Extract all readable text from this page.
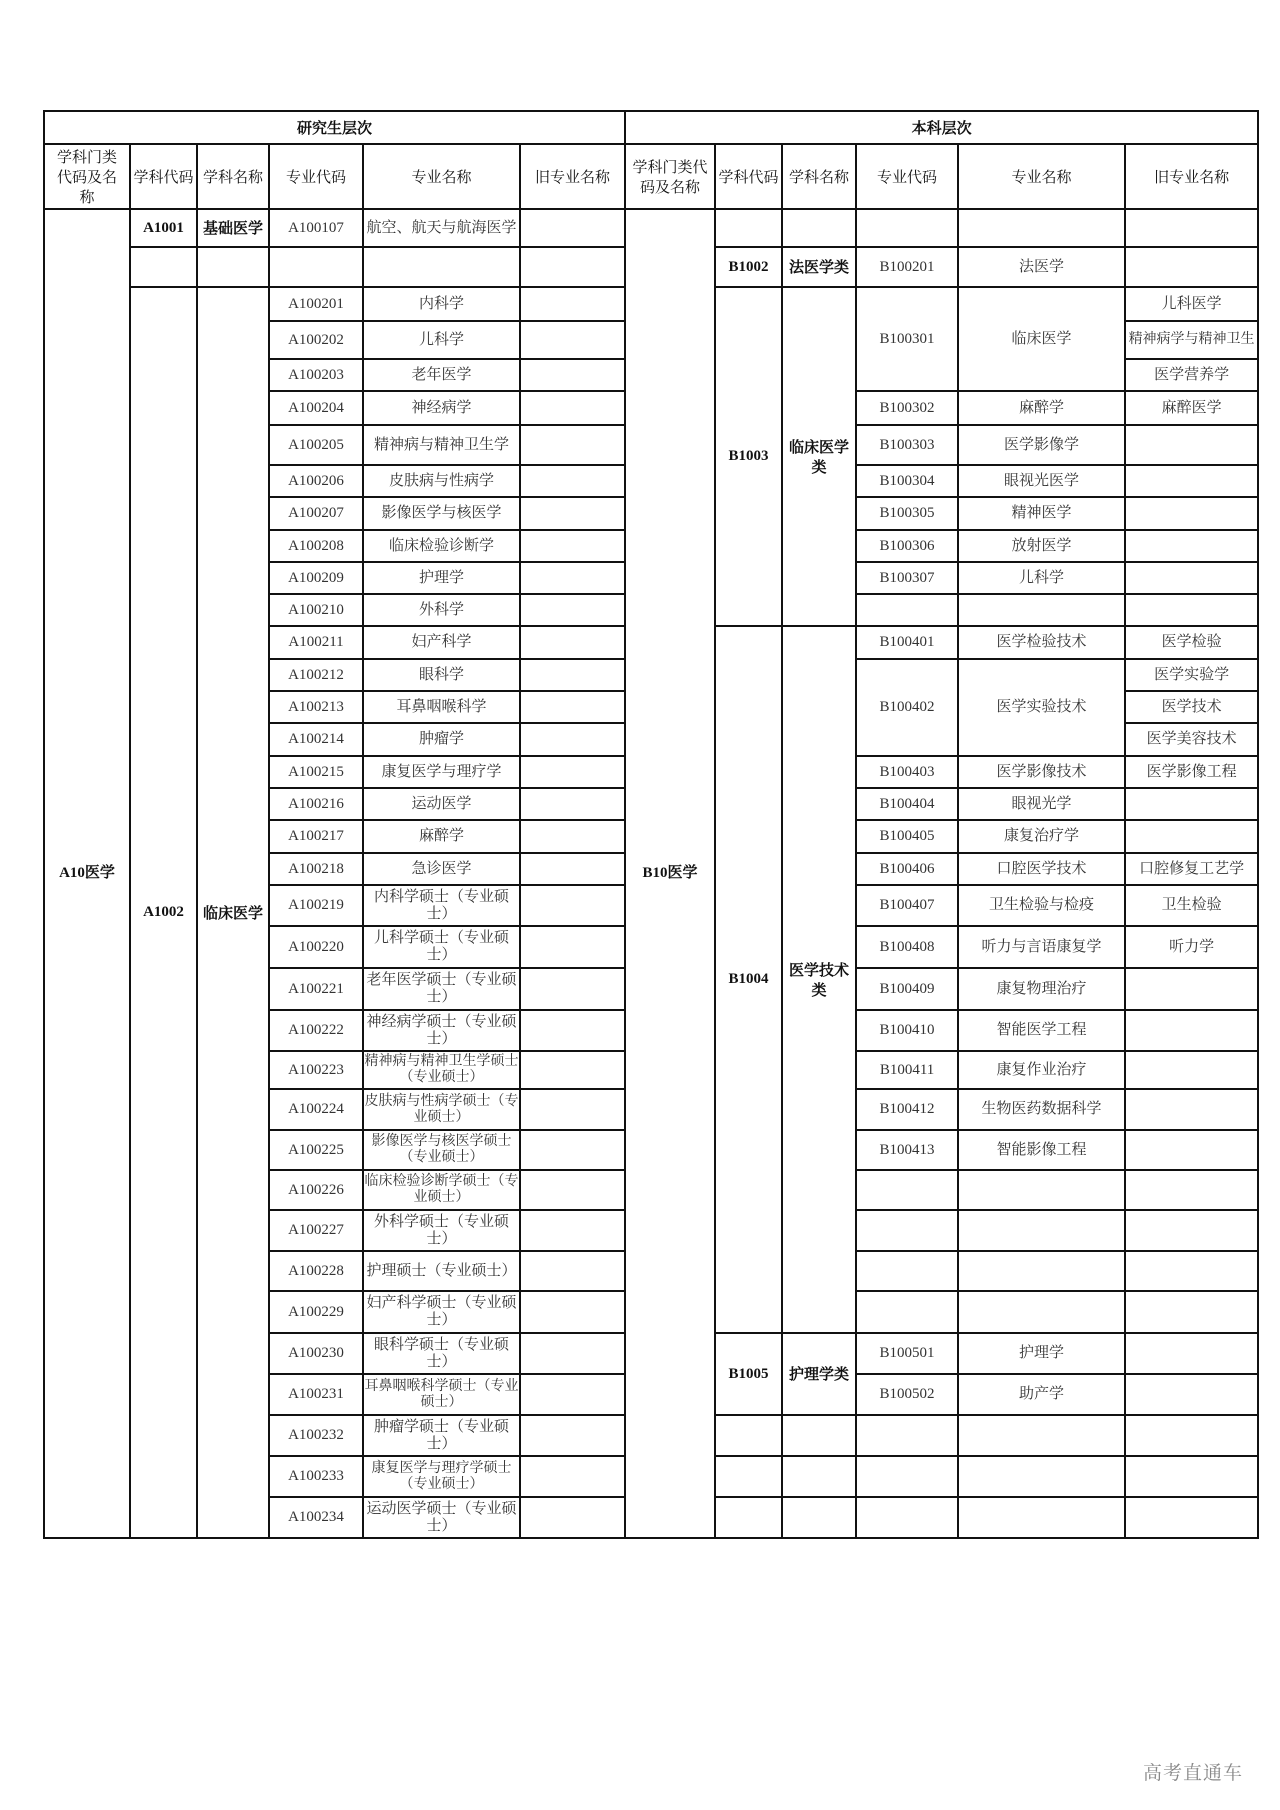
研究生层次						本科层次					
学科门类代码及名称	学科代码	学科名称	专业代码	专业名称	旧专业名称	学科门类代码及名称	学科代码	学科名称	专业代码	专业名称	旧专业名称
A10医学	A1001	基础医学	A100107	航空、航天与航海医学		B10医学					
							B1002	法医学类	B100201	法医学	
	A1002	临床医学	A100201	内科学			B1003	临床医学类	B100301	临床医学	儿科医学
			A100202	儿科学							精神病学与精神卫生
			A100203	老年医学							医学营养学
			A100204	神经病学					B100302	麻醉学	麻醉医学
			A100205	精神病与精神卫生学					B100303	医学影像学	
			A100206	皮肤病与性病学					B100304	眼视光医学	
			A100207	影像医学与核医学					B100305	精神医学	
			A100208	临床检验诊断学					B100306	放射医学	
			A100209	护理学					B100307	儿科学	
			A100210	外科学							
			A100211	妇产科学			B1004	医学技术类	B100401	医学检验技术	医学检验
			A100212	眼科学					B100402	医学实验技术	医学实验学
			A100213	耳鼻咽喉科学							医学技术
			A100214	肿瘤学							医学美容技术
			A100215	康复医学与理疗学					B100403	医学影像技术	医学影像工程
			A100216	运动医学					B100404	眼视光学	
			A100217	麻醉学					B100405	康复治疗学	
			A100218	急诊医学					B100406	口腔医学技术	口腔修复工艺学
			A100219	内科学硕士（专业硕士）					B100407	卫生检验与检疫	卫生检验
			A100220	儿科学硕士（专业硕士）					B100408	听力与言语康复学	听力学
			A100221	老年医学硕士（专业硕士）					B100409	康复物理治疗	
			A100222	神经病学硕士（专业硕士）					B100410	智能医学工程	
			A100223	精神病与精神卫生学硕士（专业硕士）					B100411	康复作业治疗	
			A100224	皮肤病与性病学硕士（专业硕士）					B100412	生物医药数据科学	
			A100225	影像医学与核医学硕士（专业硕士）					B100413	智能影像工程	
			A100226	临床检验诊断学硕士（专业硕士）							
			A100227	外科学硕士（专业硕士）							
			A100228	护理硕士（专业硕士）							
			A100229	妇产科学硕士（专业硕士）							
			A100230	眼科学硕士（专业硕士）			B1005	护理学类	B100501	护理学	
			A100231	耳鼻咽喉科学硕士（专业硕士）					B100502	助产学	
			A100232	肿瘤学硕士（专业硕士）							
			A100233	康复医学与理疗学硕士（专业硕士）							
			A100234	运动医学硕士（专业硕士）							
高考直通车
